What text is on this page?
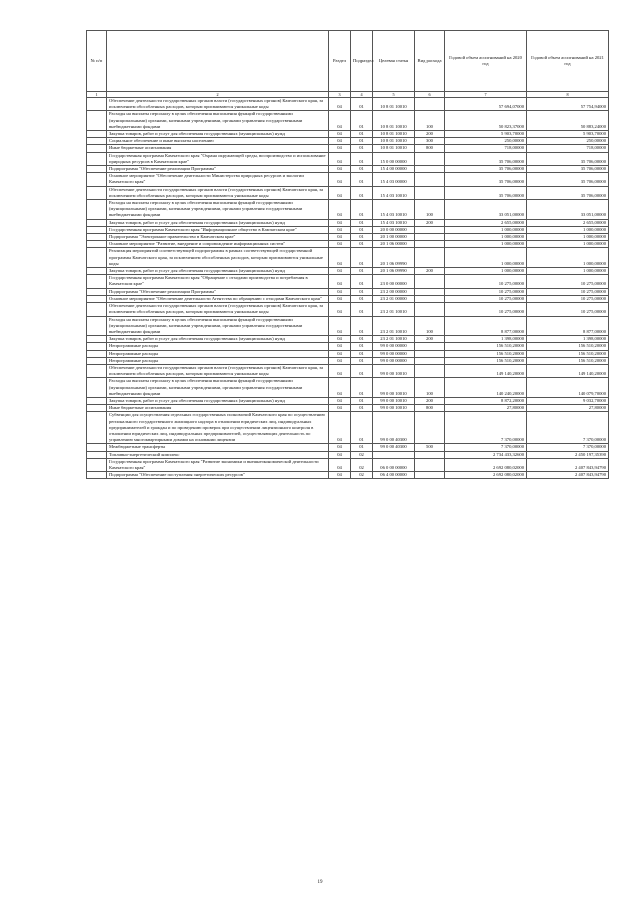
№ п/п		Раздел	Подраздел	Целевая статья	Вид расхода	Годовой объем ассигнований на 2020 год	Годовой объем ассигнований на 2021 год
1	2	3	4	5	6	7	8
	Обеспечение деятельности государственных органов власти (государственных органов) Камчатского края, за исключением обособленных расходов, которым присваиваются уникальные коды	04	01	10 8 01 10010		57 694,07000	57 754,94000
	Расходы на выплаты персоналу в целях обеспечения выполнения функций государственными (муниципальными) органами, казенными учреждениями, органами управления государственными внебюджетными фондами	04	01	10 8 01 10010	100	50 823,37000	50 883,24000
	Закупка товаров, работ и услуг для обеспечения государственных (муниципальных) нужд	04	01	10 8 01 10010	200	5 903,70000	5 903,70000
	Социальное обеспечение и иные выплаты населению	04	01	10 8 01 10010	300	250,00000	250,00000
	Иные бюджетные ассигнования	04	01	10 8 01 10010	800	718,00000	718,00000
	Государственная программа Камчатского края "Охрана окружающей среды, воспроизводство и использование природных ресурсов в Камчатском крае"	04	01	15 0 00 00000		35 706,00000	35 706,00000
	Подпрограмма "Обеспечение реализации Программы"	04	01	15 4 00 00000		35 706,00000	35 706,00000
	Основное мероприятие "Обеспечение деятельности Министерства природных ресурсов и экологии Камчатского края"	04	01	15 4 03 00000		35 706,00000	35 706,00000
	Обеспечение деятельности государственных органов власти (государственных органов) Камчатского края, за исключением обособленных расходов, которым присваиваются уникальные коды	04	01	15 4 03 10010		35 706,00000	35 706,00000
	Расходы на выплаты персоналу в целях обеспечения выполнения функций государственными (муниципальными) органами, казенными учреждениями, органами управления государственными внебюджетными фондами	04	01	15 4 03 10010	100	33 051,00000	33 051,00000
	Закупка товаров, работ и услуг для обеспечения государственных (муниципальных) нужд	04	01	15 4 03 10010	200	2 655,00000	2 655,00000
	Государственная программа Камчатского края "Информационное общество в Камчатском крае"	04	01	20 0 00 00000		1 000,00000	1 000,00000
	Подпрограмма "Электронное правительство в Камчатском крае"	04	01	20 1 00 00000		1 000,00000	1 000,00000
	Основное мероприятие "Развитие, внедрение и сопровождение информационных систем"	04	01	20 1 06 00000		1 000,00000	1 000,00000
	Реализация мероприятий соответствующей подпрограммы в рамках соответствующей государственной программы Камчатского края, за исключением обособленных расходов, которым присваиваются уникальные коды	04	01	20 1 06 09990		1 000,00000	1 000,00000
	Закупка товаров, работ и услуг для обеспечения государственных (муниципальных) нужд	04	01	20 1 06 09990	200	1 000,00000	1 000,00000
	Государственная программа Камчатского края "Обращение с отходами производства и потребления в Камчатском крае"	04	01	23 0 00 00000		10 275,00000	10 275,00000
	Подпрограмма "Обеспечение реализации Программы"	04	01	23 2 00 00000		10 275,00000	10 275,00000
	Основное мероприятие "Обеспечение деятельности Агентства по обращению с отходами Камчатского края"	04	01	23 2 01 00000		10 275,00000	10 275,00000
	Обеспечение деятельности государственных органов власти (государственных органов) Камчатского края, за исключением обособленных расходов, которым присваиваются уникальные коды	04	01	23 2 01 10010		10 275,00000	10 275,00000
	Расходы на выплаты персоналу в целях обеспечения выполнения функций государственными (муниципальными) органами, казенными учреждениями, органами управления государственными внебюджетными фондами	04	01	23 2 01 10010	100	8 877,00000	8 877,00000
	Закупка товаров, работ и услуг для обеспечения государственных (муниципальных) нужд	04	01	23 2 01 10010	200	1 398,00000	1 398,00000
	Непрограммные расходы	04	01	99 0 00 00000		156 510,20000	156 510,20000
	Непрограммные расходы	04	01	99 0 00 00000		156 510,20000	156 510,20000
	Непрограммные расходы	04	01	99 0 00 00000		156 510,20000	156 510,20000
	Обеспечение деятельности государственных органов власти (государственных органов) Камчатского края, за исключением обособленных расходов, которым присваиваются уникальные коды	04	01	99 0 00 10010		149 140,20000	149 140,20000
	Расходы на выплаты персоналу в целях обеспечения выполнения функций государственными (муниципальными) органами, казенными учреждениями, органами управления государственными внебюджетными фондами	04	01	99 0 00 10010	100	140 240,20000	140 079,70000
	Закупка товаров, работ и услуг для обеспечения государственных (муниципальных) нужд	04	01	99 0 00 10010	200	8 872,20000	9 032,70000
	Иные бюджетные ассигнования	04	01	99 0 00 10010	800	27,80000	27,80000
	Субвенции для осуществления отдельных государственных полномочий Камчатского края по осуществлению регионального государственного жилищного надзора в отношении юридических лиц, индивидуальных предпринимателей и граждан и по проведению проверок при осуществлении лицензионного контроля в отношении юридических лиц, индивидуальных предпринимателей, осуществляющих деятельность по управлению многоквартирными домами на основании лицензии	04	01	99 0 00 40300		7 370,00000	7 370,00000
	Межбюджетные трансферты	04	01	99 0 00 40300	500	7 370,00000	7 370,00000
	Топливно-энергетический комплекс	04	02			2 734 433,32600	2 450 197,35390
	Государственная программа Камчатского края "Развитие экономики и внешнеэкономической деятельности Камчатского края"	04	02	06 0 00 00000		2 692 080,02000	2 407 843,94790
	Подпрограмма "Обеспечение поступления энергетических ресурсов"	04	02	06 4 00 00000		2 692 080,02000	2 407 843,94790
19
